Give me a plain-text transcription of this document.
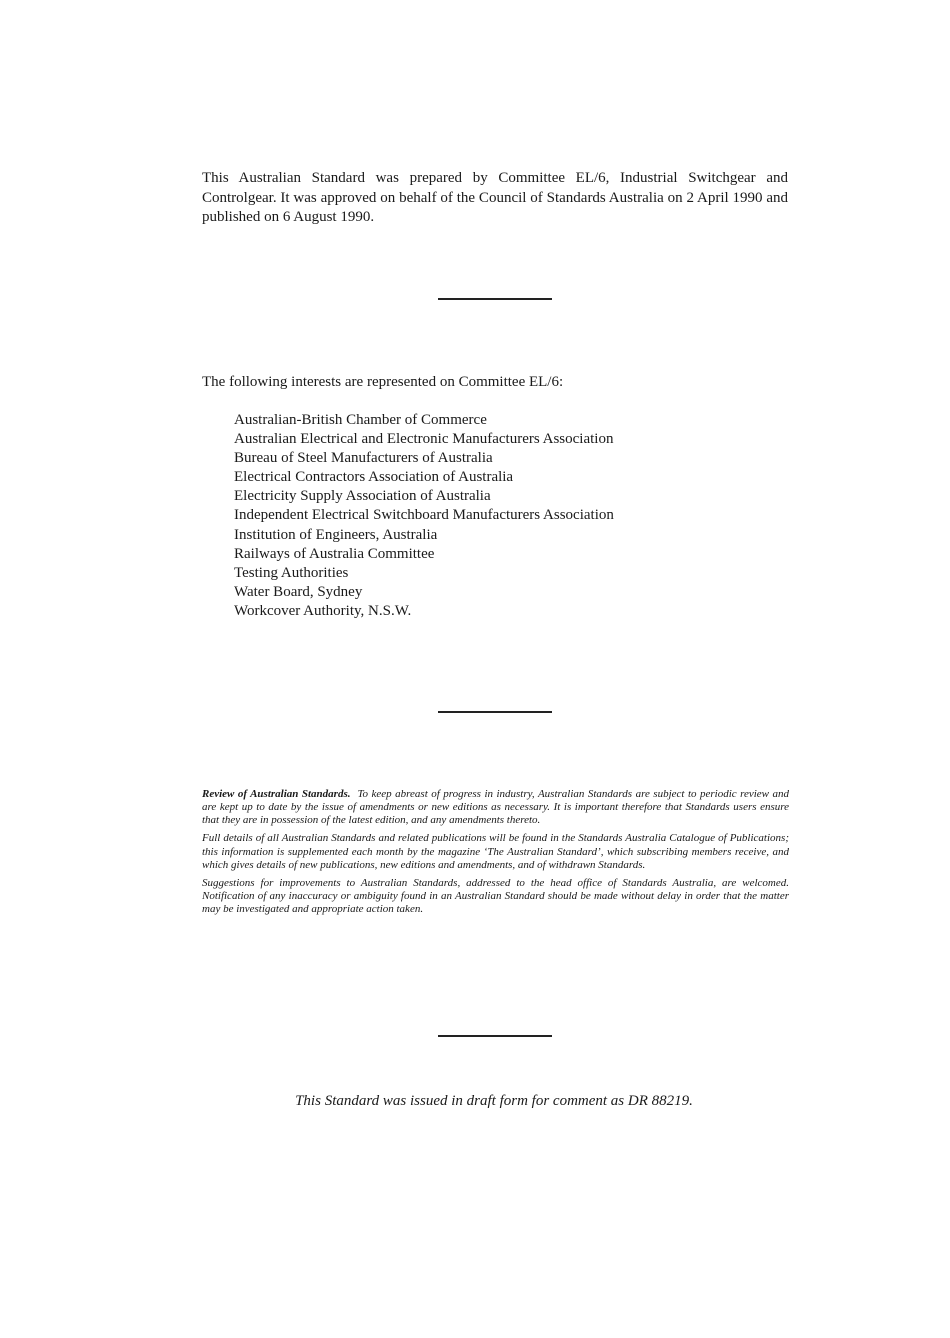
This Australian Standard was prepared by Committee EL/6, Industrial Switchgear and Controlgear. It was approved on behalf of the Council of Standards Australia on 2 April 1990 and published on 6 August 1990.

The following interests are represented on Committee EL/6:

Australian-British Chamber of Commerce
Australian Electrical and Electronic Manufacturers Association
Bureau of Steel Manufacturers of Australia
Electrical Contractors Association of Australia
Electricity Supply Association of Australia
Independent Electrical Switchboard Manufacturers Association
Institution of Engineers, Australia
Railways of Australia Committee
Testing Authorities
Water Board, Sydney
Workcover Authority, N.S.W.

Review of Australian Standards. To keep abreast of progress in industry, Australian Standards are subject to periodic review and are kept up to date by the issue of amendments or new editions as necessary. It is important therefore that Standards users ensure that they are in possession of the latest edition, and any amendments thereto.

Full details of all Australian Standards and related publications will be found in the Standards Australia Catalogue of Publications; this information is supplemented each month by the magazine ‘The Australian Standard’, which subscribing members receive, and which gives details of new publications, new editions and amendments, and of withdrawn Standards.

Suggestions for improvements to Australian Standards, addressed to the head office of Standards Australia, are welcomed. Notification of any inaccuracy or ambiguity found in an Australian Standard should be made without delay in order that the matter may be investigated and appropriate action taken.

This Standard was issued in draft form for comment as DR 88219.
